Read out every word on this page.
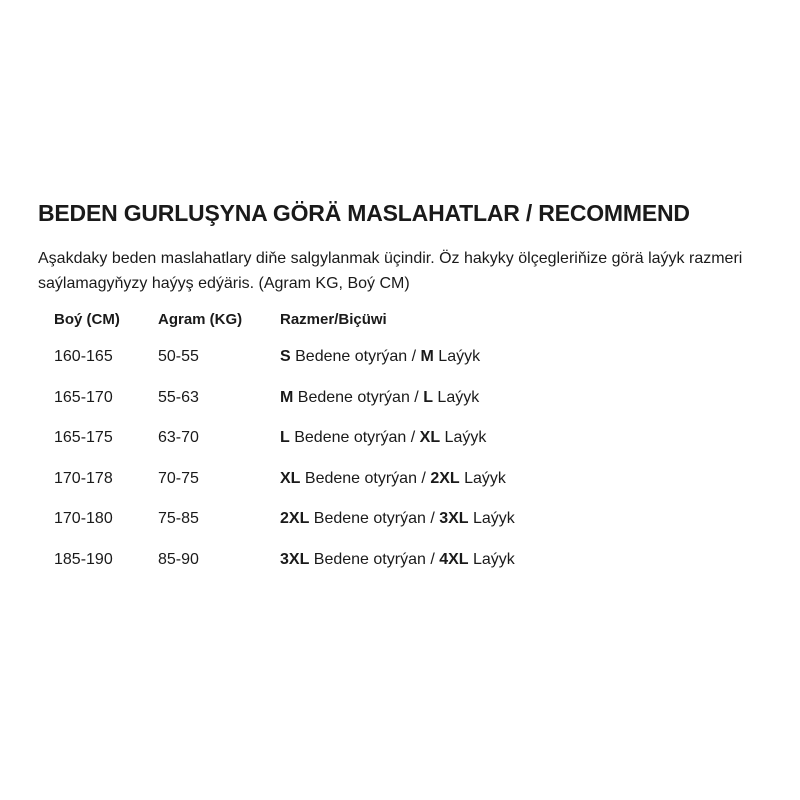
BEDEN GURLUŞYNA GÖRÄ MASLAHATLAR / RECOMMEND

Aşakdaky beden maslahatlary diňe salgylanmak üçindir. Öz hakyky ölçegleriňize görä laýyk razmeri saýlamagyňyzy haýyş edýäris. (Agram KG, Boý CM)

Boý (CM)	Agram (KG)	Razmer/Biçüwi
160-165	50-55	S Bedene otyrýan / M Laýyk
165-170	55-63	M Bedene otyrýan / L Laýyk
165-175	63-70	L Bedene otyrýan / XL Laýyk
170-178	70-75	XL Bedene otyrýan / 2XL Laýyk
170-180	75-85	2XL Bedene otyrýan / 3XL Laýyk
185-190	85-90	3XL Bedene otyrýan / 4XL Laýyk
